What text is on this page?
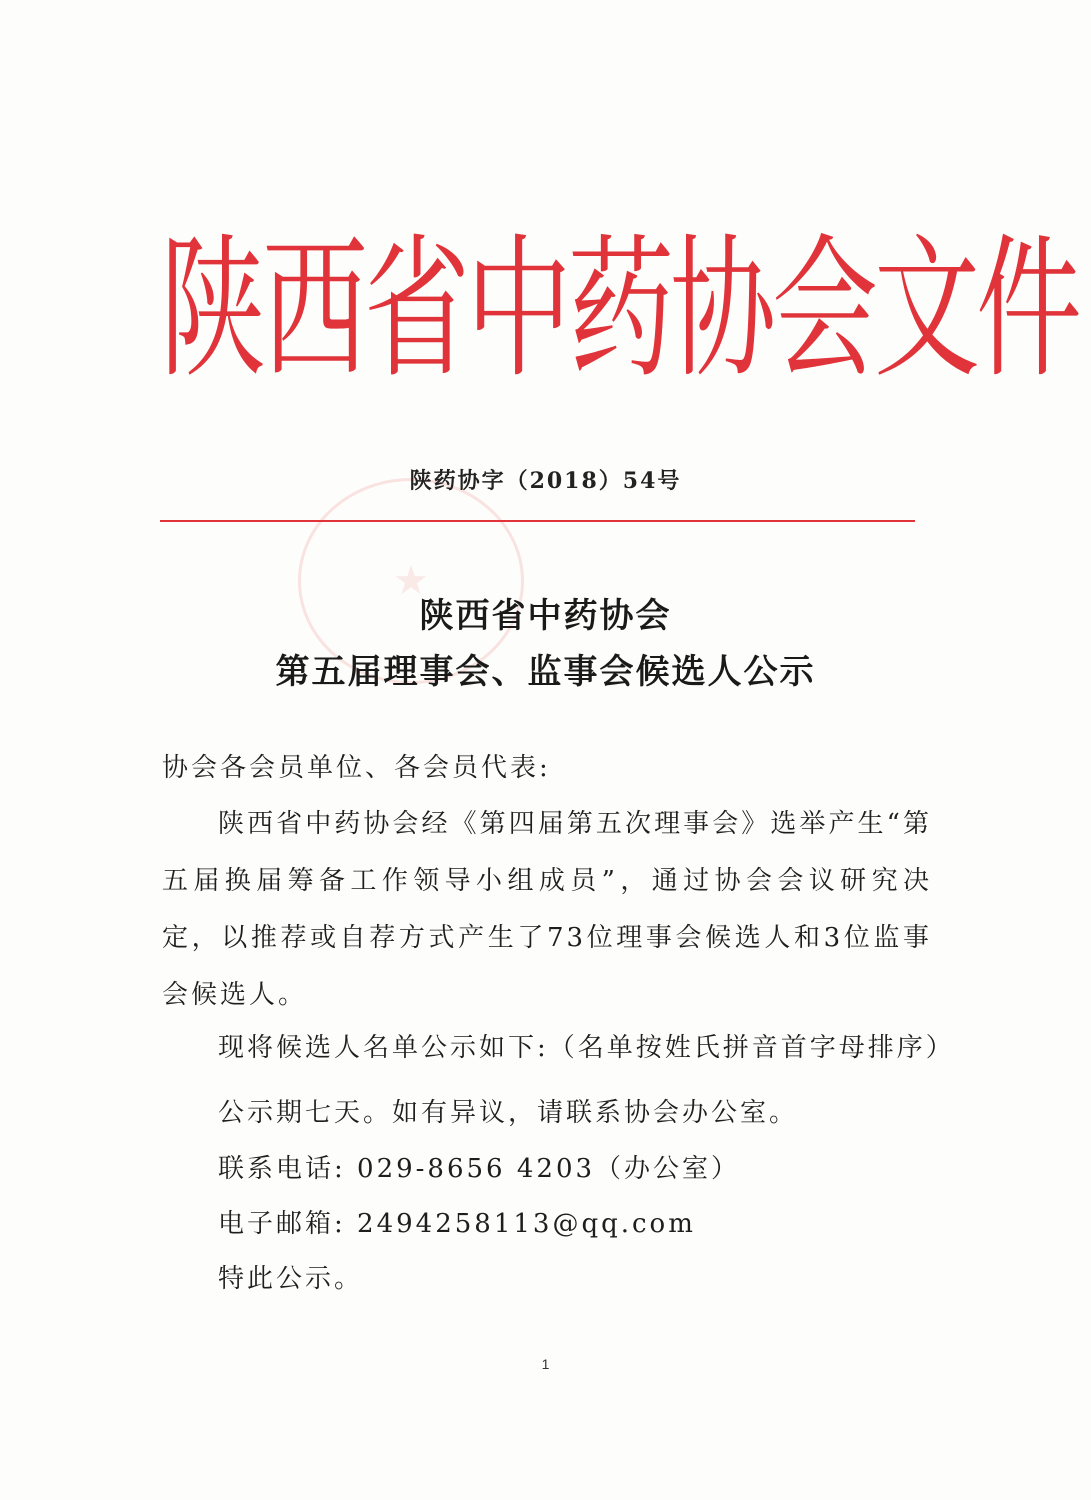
★
陕西省中药协会文件
陕药协字（2018）54号
陕西省中药协会
第五届理事会、监事会候选人公示
协会各会员单位、各会员代表:
陕西省中药协会经《第四届第五次理事会》选举产生“第五届换届筹备工作领导小组成员”，通过协会会议研究决定，以推荐或自荐方式产生了73位理事会候选人和3位监事会候选人。
现将候选人名单公示如下:（名单按姓氏拼音首字母排序）
公示期七天。如有异议，请联系协会办公室。
联系电话: 029-8656 4203（办公室）
电子邮箱: 2494258113@qq.com
特此公示。
1
